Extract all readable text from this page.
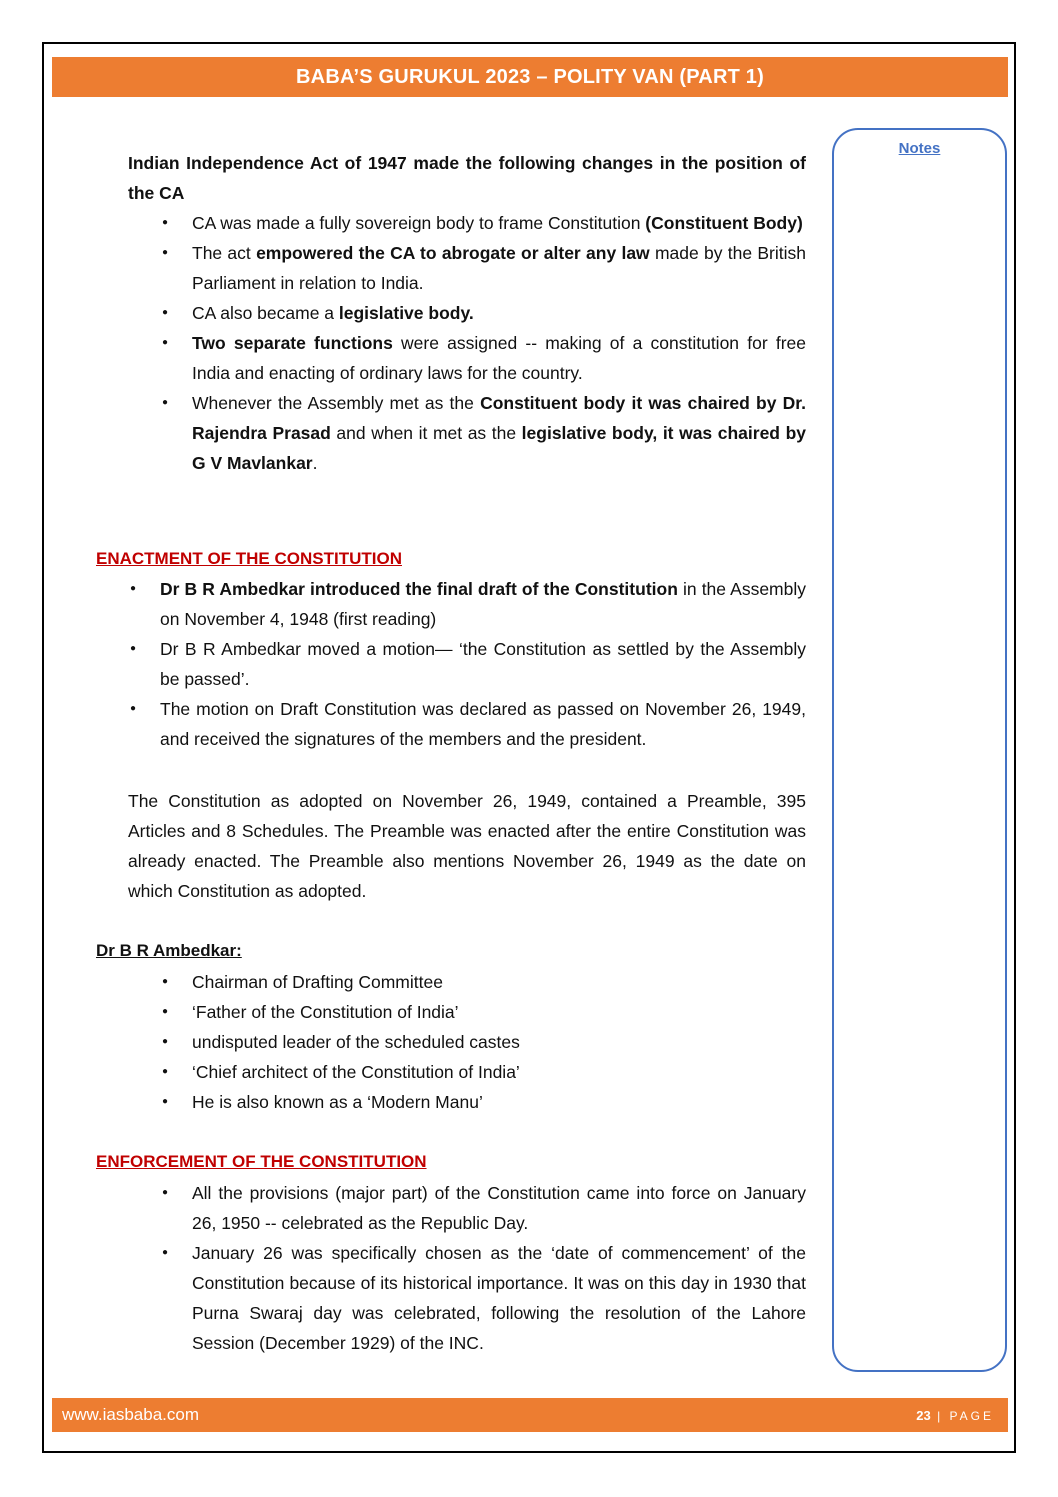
BABA’S GURUKUL 2023 – POLITY VAN (PART 1)
Notes
Indian Independence Act of 1947 made the following changes in the position of the CA
● CA was made a fully sovereign body to frame Constitution (Constituent Body)
● The act empowered the CA to abrogate or alter any law made by the British Parliament in relation to India.
● CA also became a legislative body.
● Two separate functions were assigned -- making of a constitution for free India and enacting of ordinary laws for the country.
● Whenever the Assembly met as the Constituent body it was chaired by Dr. Rajendra Prasad and when it met as the legislative body, it was chaired by G V Mavlankar.
ENACTMENT OF THE CONSTITUTION
● Dr B R Ambedkar introduced the final draft of the Constitution in the Assembly on November 4, 1948 (first reading)
● Dr B R Ambedkar moved a motion— ‘the Constitution as settled by the Assembly be passed’.
● The motion on Draft Constitution was declared as passed on November 26, 1949, and received the signatures of the members and the president.
The Constitution as adopted on November 26, 1949, contained a Preamble, 395 Articles and 8 Schedules. The Preamble was enacted after the entire Constitution was already enacted. The Preamble also mentions November 26, 1949 as the date on which Constitution as adopted.
Dr B R Ambedkar:
● Chairman of Drafting Committee
● ‘Father of the Constitution of India’
● undisputed leader of the scheduled castes
● ‘Chief architect of the Constitution of India’
● He is also known as a ‘Modern Manu’
ENFORCEMENT OF THE CONSTITUTION
● All the provisions (major part) of the Constitution came into force on January 26, 1950 -- celebrated as the Republic Day.
● January 26 was specifically chosen as the ‘date of commencement’ of the Constitution because of its historical importance. It was on this day in 1930 that Purna Swaraj day was celebrated, following the resolution of the Lahore Session (December 1929) of the INC.
www.iasbaba.com	23 | PAGE
